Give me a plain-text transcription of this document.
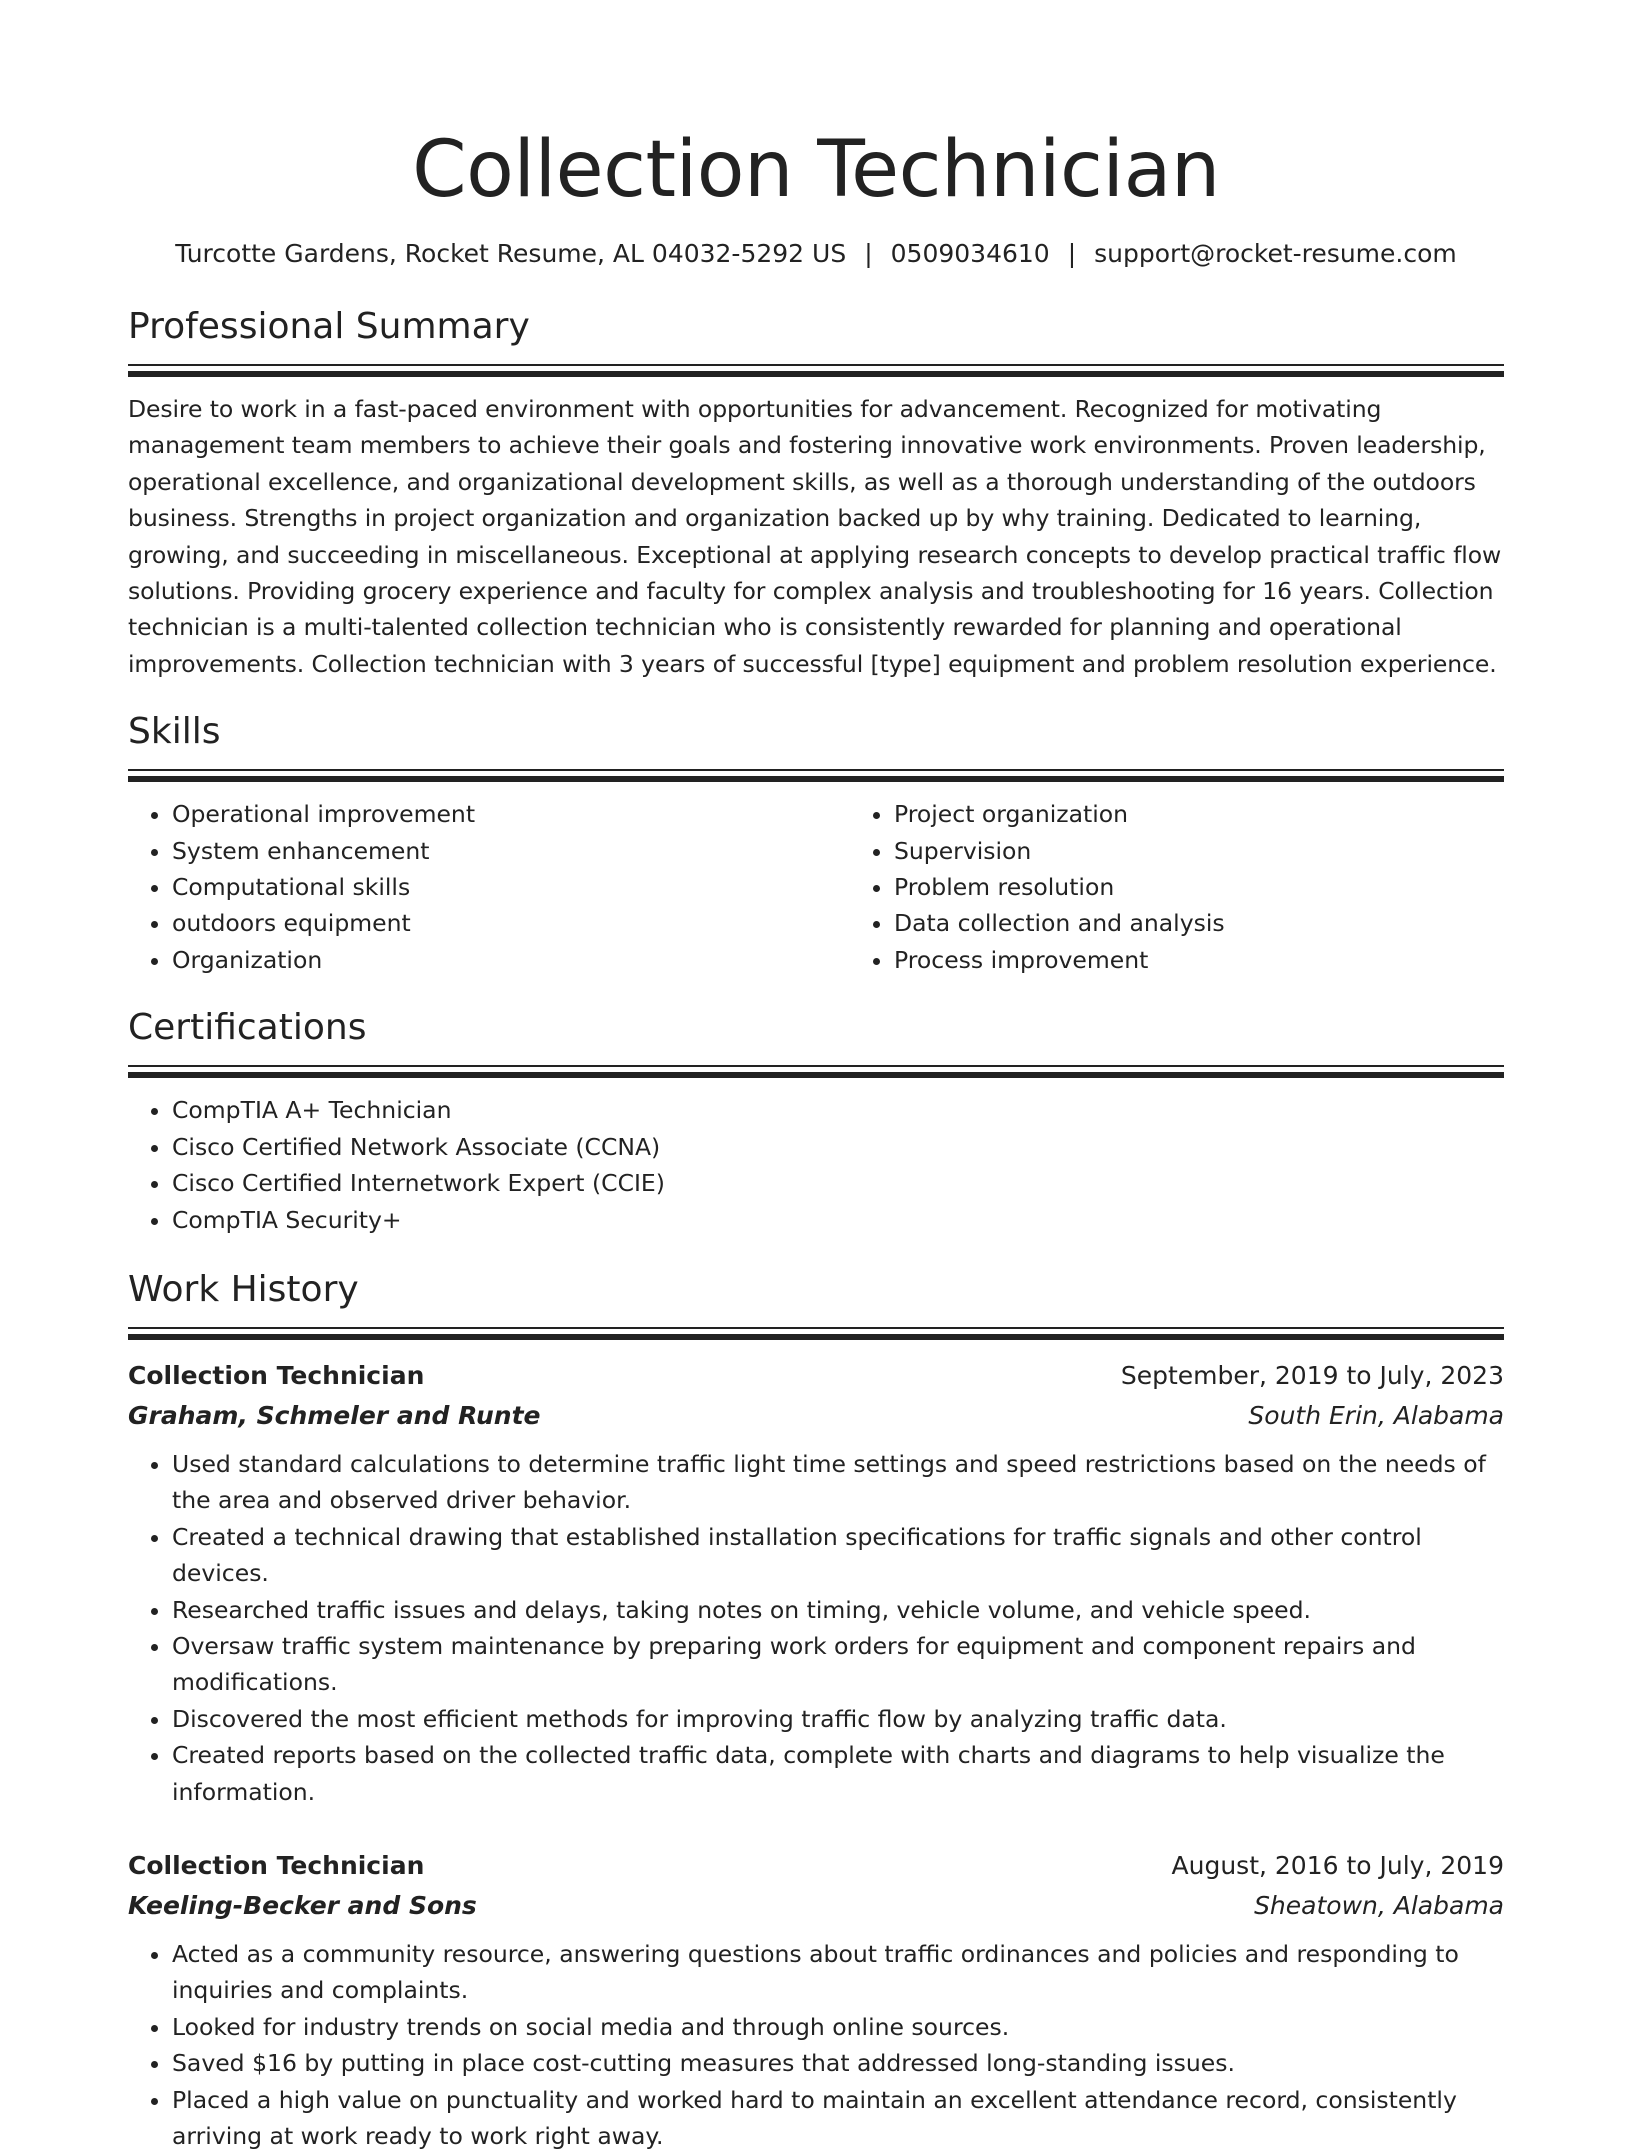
Collection Technician
Turcotte Gardens, Rocket Resume, AL 04032-5292 US | 0509034610 | support@rocket-resume.com
Professional Summary

Desire to work in a fast-paced environment with opportunities for advancement. Recognized for motivating management team members to achieve their goals and fostering innovative work environments. Proven leadership, operational excellence, and organizational development skills, as well as a thorough understanding of the outdoors business. Strengths in project organization and organization backed up by why training. Dedicated to learning, growing, and succeeding in miscellaneous. Exceptional at applying research concepts to develop practical traffic flow solutions. Providing grocery experience and faculty for complex analysis and troubleshooting for 16 years. Collection technician is a multi-talented collection technician who is consistently rewarded for planning and operational improvements. Collection technician with 3 years of successful [type] equipment and problem resolution experience.

Skills
• Operational improvement
• System enhancement
• Computational skills
• outdoors equipment
• Organization
• Project organization
• Supervision
• Problem resolution
• Data collection and analysis
• Process improvement
Certifications
• CompTIA A+ Technician
• Cisco Certified Network Associate (CCNA)
• Cisco Certified Internetwork Expert (CCIE)
• CompTIA Security+
Work History
Collection Technician	September, 2019 to July, 2023
Graham, Schmeler and Runte	South Erin, Alabama
• Used standard calculations to determine traffic light time settings and speed restrictions based on the needs of the area and observed driver behavior.
• Created a technical drawing that established installation specifications for traffic signals and other control devices.
• Researched traffic issues and delays, taking notes on timing, vehicle volume, and vehicle speed.
• Oversaw traffic system maintenance by preparing work orders for equipment and component repairs and modifications.
• Discovered the most efficient methods for improving traffic flow by analyzing traffic data.
• Created reports based on the collected traffic data, complete with charts and diagrams to help visualize the information.
Collection Technician	August, 2016 to July, 2019
Keeling-Becker and Sons	Sheatown, Alabama
• Acted as a community resource, answering questions about traffic ordinances and policies and responding to inquiries and complaints.
• Looked for industry trends on social media and through online sources.
• Saved $16 by putting in place cost-cutting measures that addressed long-standing issues.
• Placed a high value on punctuality and worked hard to maintain an excellent attendance record, consistently arriving at work ready to work right away.
